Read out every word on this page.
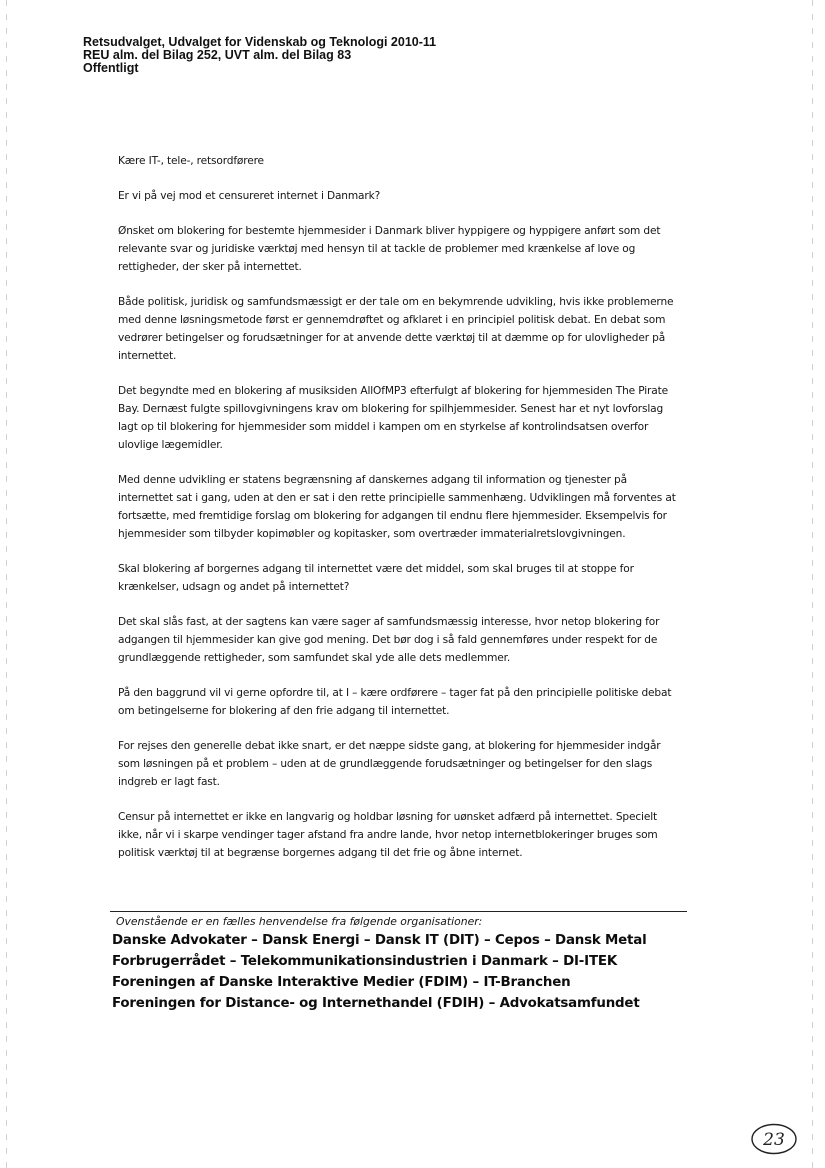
Retsudvalget, Udvalget for Videnskab og Teknologi 2010-11
REU alm. del Bilag 252, UVT alm. del Bilag 83
Offentligt

Kære IT-, tele-, retsordførere

Er vi på vej mod et censureret internet i Danmark?

Ønsket om blokering for bestemte hjemmesider i Danmark bliver hyppigere og hyppigere anført som det relevante svar og juridiske værktøj med hensyn til at tackle de problemer med krænkelse af love og rettigheder, der sker på internettet.

Både politisk, juridisk og samfundsmæssigt er der tale om en bekymrende udvikling, hvis ikke problemerne med denne løsningsmetode først er gennemdrøftet og afklaret i en principiel politisk debat. En debat som vedrører betingelser og forudsætninger for at anvende dette værktøj til at dæmme op for ulovligheder på internettet.

Det begyndte med en blokering af musiksiden AllOfMP3 efterfulgt af blokering for hjemmesiden The Pirate Bay. Dernæst fulgte spillovgivningens krav om blokering for spilhjemmesider. Senest har et nyt lovforslag lagt op til blokering for hjemmesider som middel i kampen om en styrkelse af kontrolindsatsen overfor ulovlige lægemidler.

Med denne udvikling er statens begrænsning af danskernes adgang til information og tjenester på internettet sat i gang, uden at den er sat i den rette principielle sammenhæng. Udviklingen må forventes at fortsætte, med fremtidige forslag om blokering for adgangen til endnu flere hjemmesider. Eksempelvis for hjemmesider som tilbyder kopimøbler og kopitasker, som overtræder immaterialretslovgivningen.

Skal blokering af borgernes adgang til internettet være det middel, som skal bruges til at stoppe for krænkelser, udsagn og andet på internettet?

Det skal slås fast, at der sagtens kan være sager af samfundsmæssig interesse, hvor netop blokering for adgangen til hjemmesider kan give god mening. Det bør dog i så fald gennemføres under respekt for de grundlæggende rettigheder, som samfundet skal yde alle dets medlemmer.

På den baggrund vil vi gerne opfordre til, at I – kære ordførere – tager fat på den principielle politiske debat om betingelserne for blokering af den frie adgang til internettet.

For rejses den generelle debat ikke snart, er det næppe sidste gang, at blokering for hjemmesider indgår som løsningen på et problem – uden at de grundlæggende forudsætninger og betingelser for den slags indgreb er lagt fast.

Censur på internettet er ikke en langvarig og holdbar løsning for uønsket adfærd på internettet. Specielt ikke, når vi i skarpe vendinger tager afstand fra andre lande, hvor netop internetblokeringer bruges som politisk værktøj til at begrænse borgernes adgang til det frie og åbne internet.

Ovenstående er en fælles henvendelse fra følgende organisationer:
Danske Advokater – Dansk Energi – Dansk IT (DIT) – Cepos – Dansk Metal
Forbrugerrådet – Telekommunikationsindustrien i Danmark – DI-ITEK
Foreningen af Danske Interaktive Medier (FDIM) – IT-Branchen
Foreningen for Distance- og Internethandel (FDIH) – Advokatsamfundet
23
